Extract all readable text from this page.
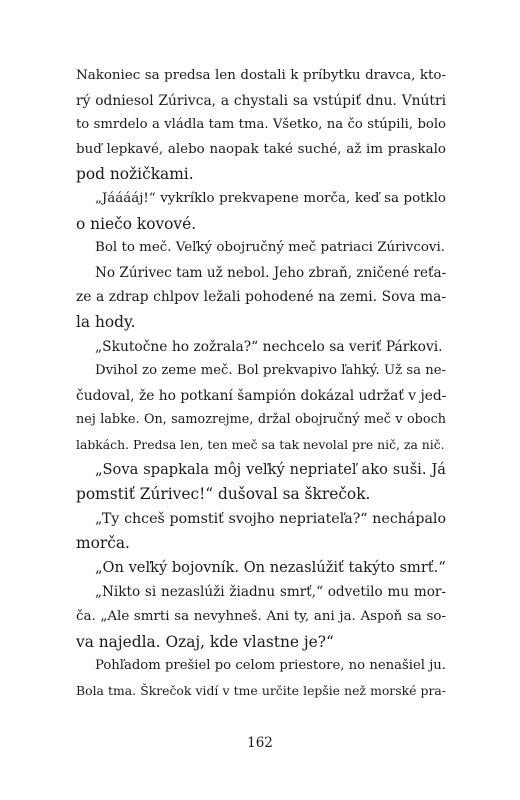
Nakoniec sa predsa len dostali k príbytku dravca, kto-
rý odniesol Zúrivca, a chystali sa vstúpiť dnu. Vnútri
to smrdelo a vládla tam tma. Všetko, na čo stúpili, bolo
buď lepkavé, alebo naopak také suché, až im praskalo
pod nožičkami.
„Jááááj!“ vykríklo prekvapene morča, keď sa potklo
o niečo kovové.
Bol to meč. Veľký obojručný meč patriaci Zúrivcovi.
No Zúrivec tam už nebol. Jeho zbraň, zničené reťa-
ze a zdrap chlpov ležali pohodené na zemi. Sova ma-
la hody.
„Skutočne ho zožrala?“ nechcelo sa veriť Párkovi.
Dvihol zo zeme meč. Bol prekvapivo ľahký. Už sa ne-
čudoval, že ho potkaní šampión dokázal udržať v jed-
nej labke. On, samozrejme, držal obojručný meč v oboch
labkách. Predsa len, ten meč sa tak nevolal pre nič, za nič.
„Sova spapkala môj veľký nepriateľ ako suši. Já
pomstiť Zúrivec!“ dušoval sa škrečok.
„Ty chceš pomstiť svojho nepriateľa?“ nechápalo
morča.
„On veľký bojovník. On nezaslúžiť takýto smrť.“
„Nikto si nezaslúži žiadnu smrť,“ odvetilo mu mor-
ča. „Ale smrti sa nevyhneš. Ani ty, ani ja. Aspoň sa so-
va najedla. Ozaj, kde vlastne je?“
Pohľadom prešiel po celom priestore, no nenašiel ju.
Bola tma. Škrečok vidí v tme určite lepšie než morské pra-
162
